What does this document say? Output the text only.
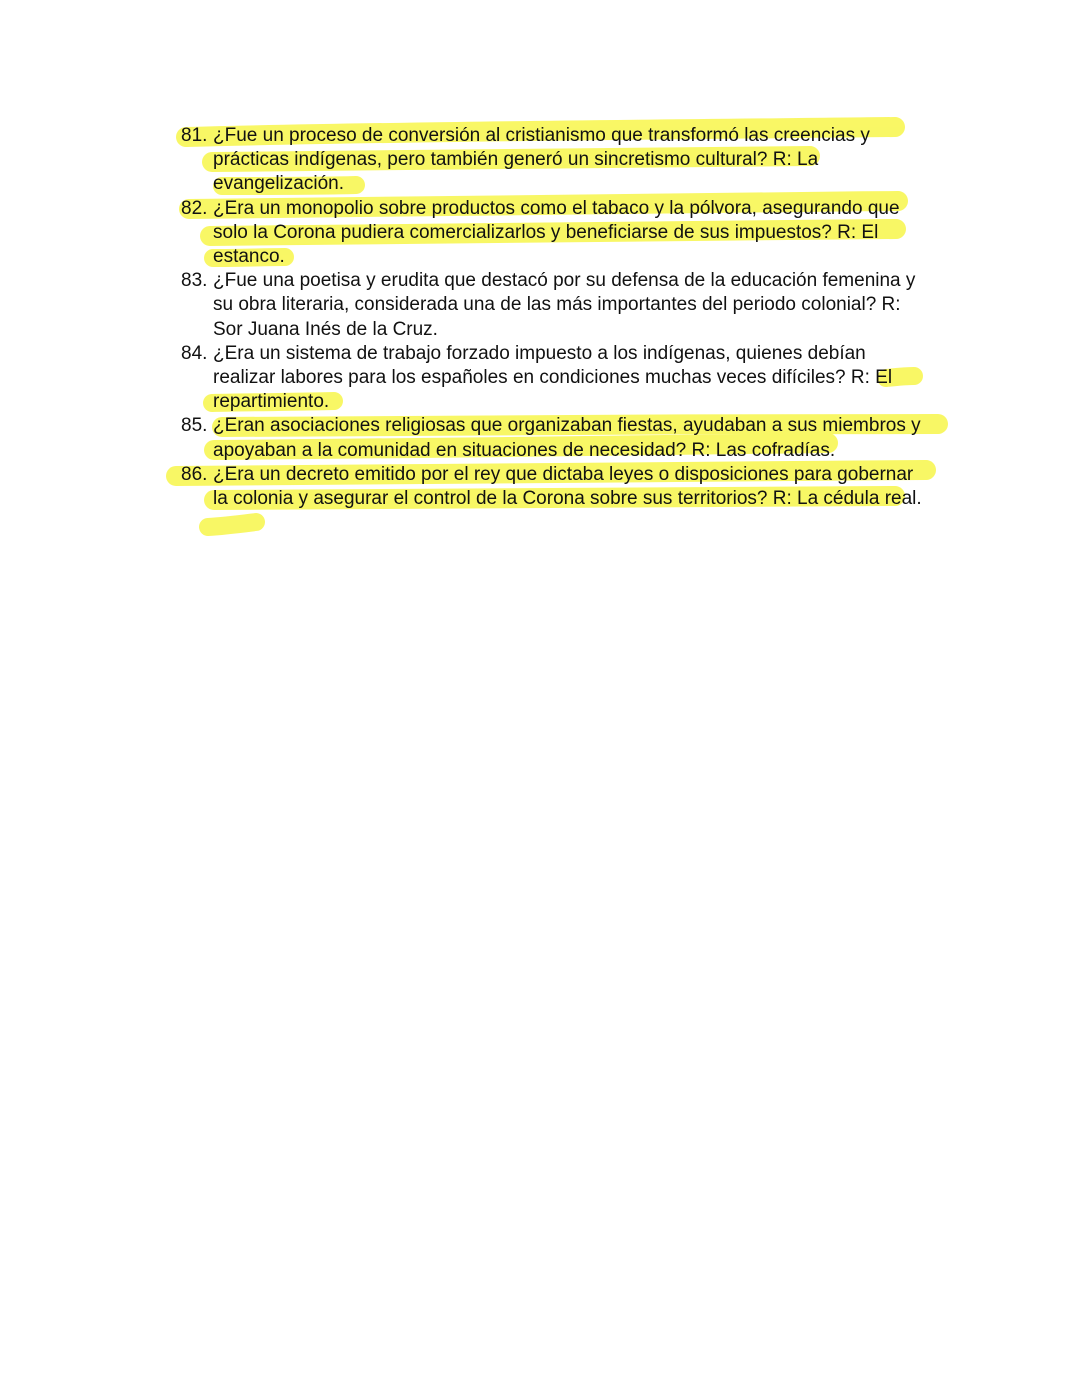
81. ¿Fue un proceso de conversión al cristianismo que transformó las creencias y prácticas indígenas, pero también generó un sincretismo cultural? R: La evangelización.
82. ¿Era un monopolio sobre productos como el tabaco y la pólvora, asegurando que solo la Corona pudiera comercializarlos y beneficiarse de sus impuestos? R: El estanco.
83. ¿Fue una poetisa y erudita que destacó por su defensa de la educación femenina y su obra literaria, considerada una de las más importantes del periodo colonial? R: Sor Juana Inés de la Cruz.
84. ¿Era un sistema de trabajo forzado impuesto a los indígenas, quienes debían realizar labores para los españoles en condiciones muchas veces difíciles? R: El repartimiento.
85. ¿Eran asociaciones religiosas que organizaban fiestas, ayudaban a sus miembros y apoyaban a la comunidad en situaciones de necesidad? R: Las cofradías.
86. ¿Era un decreto emitido por el rey que dictaba leyes o disposiciones para gobernar la colonia y asegurar el control de la Corona sobre sus territorios? R: La cédula real.
